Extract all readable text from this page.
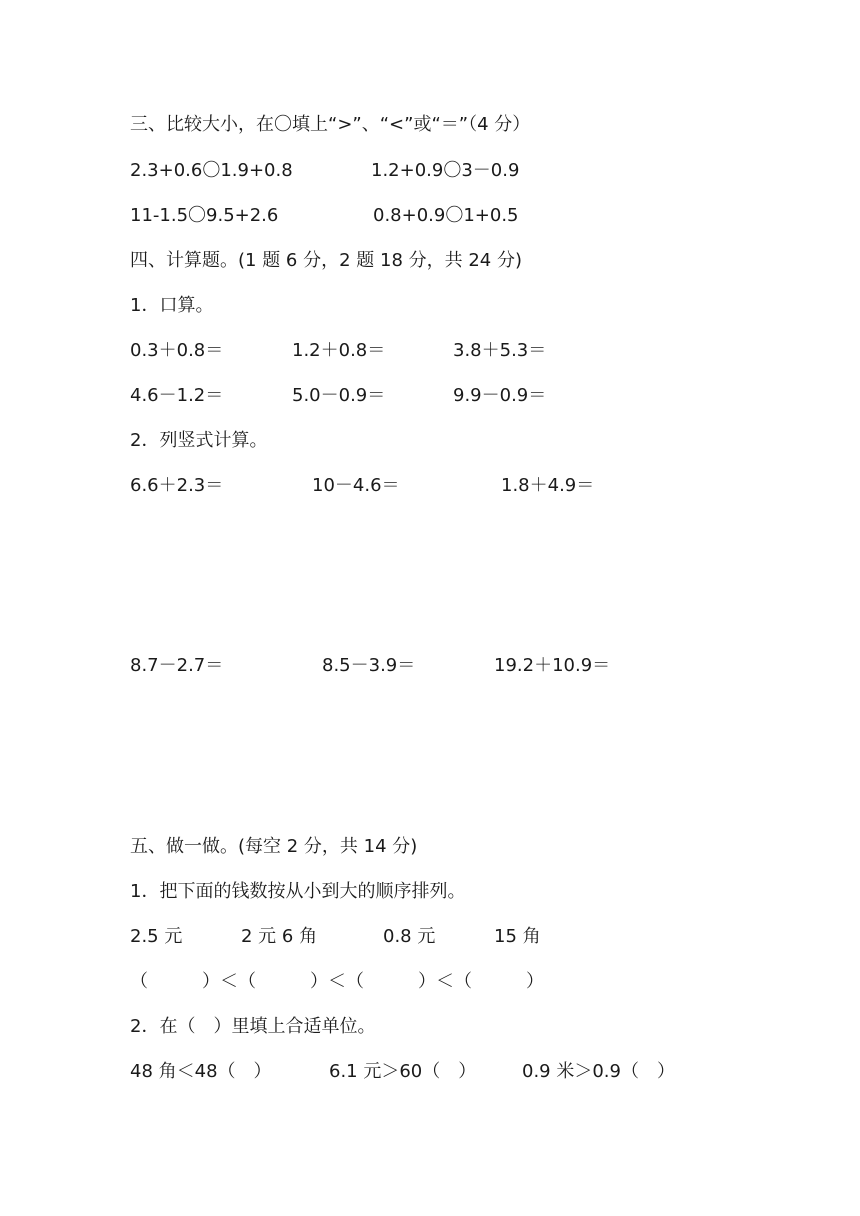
三、比较大小，在〇填上“>”、“<”或“＝”（4 分）
2.3+0.6〇1.9+0.8	1.2+0.9〇3－0.9
11-1.5〇9.5+2.6	0.8+0.9〇1+0.5
四、计算题。(1 题 6 分，2 题 18 分，共 24 分)
1．口算。
0.3＋0.8＝	1.2＋0.8＝	3.8＋5.3＝
4.6－1.2＝	5.0－0.9＝	9.9－0.9＝
2．列竖式计算。
6.6＋2.3＝	10－4.6＝	1.8＋4.9＝
8.7－2.7＝	8.5－3.9＝	19.2＋10.9＝
五、做一做。(每空 2 分，共 14 分)
1．把下面的钱数按从小到大的顺序排列。
2.5 元	2 元 6 角	0.8 元	15 角
（　　　）＜（　　　）＜（　　　）＜（　　　）
2．在（　）里填上合适单位。
48 角＜48（　）	6.1 元＞60（　）	0.9 米＞0.9（　）
